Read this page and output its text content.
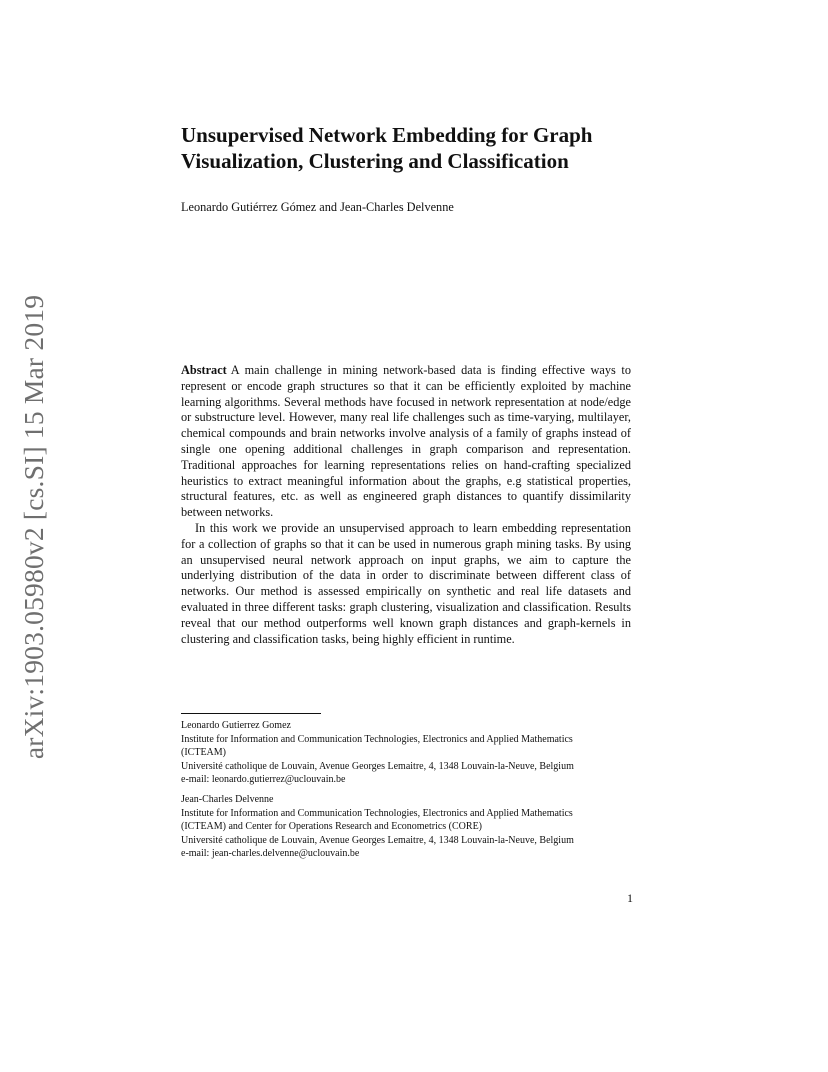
arXiv:1903.05980v2 [cs.SI] 15 Mar 2019
Unsupervised Network Embedding for Graph Visualization, Clustering and Classification
Leonardo Gutiérrez Gómez and Jean-Charles Delvenne

Abstract A main challenge in mining network-based data is finding effective ways to represent or encode graph structures so that it can be efficiently exploited by machine learning algorithms. Several methods have focused in network representation at node/edge or substructure level. However, many real life challenges such as time-varying, multilayer, chemical compounds and brain networks involve analysis of a family of graphs instead of single one opening additional challenges in graph comparison and representation. Traditional approaches for learning representations relies on hand-crafting specialized heuristics to extract meaningful information about the graphs, e.g statistical properties, structural features, etc. as well as engineered graph distances to quantify dissimilarity between networks.

In this work we provide an unsupervised approach to learn embedding representation for a collection of graphs so that it can be used in numerous graph mining tasks. By using an unsupervised neural network approach on input graphs, we aim to capture the underlying distribution of the data in order to discriminate between different class of networks. Our method is assessed empirically on synthetic and real life datasets and evaluated in three different tasks: graph clustering, visualization and classification. Results reveal that our method outperforms well known graph distances and graph-kernels in clustering and classification tasks, being highly efficient in runtime.

Leonardo Gutierrez Gomez
Institute for Information and Communication Technologies, Electronics and Applied Mathematics
(ICTEAM)
Université catholique de Louvain, Avenue Georges Lemaitre, 4, 1348 Louvain-la-Neuve, Belgium
e-mail: leonardo.gutierrez@uclouvain.be
Jean-Charles Delvenne
Institute for Information and Communication Technologies, Electronics and Applied Mathematics
(ICTEAM) and Center for Operations Research and Econometrics (CORE)
Université catholique de Louvain, Avenue Georges Lemaitre, 4, 1348 Louvain-la-Neuve, Belgium
e-mail: jean-charles.delvenne@uclouvain.be
1
